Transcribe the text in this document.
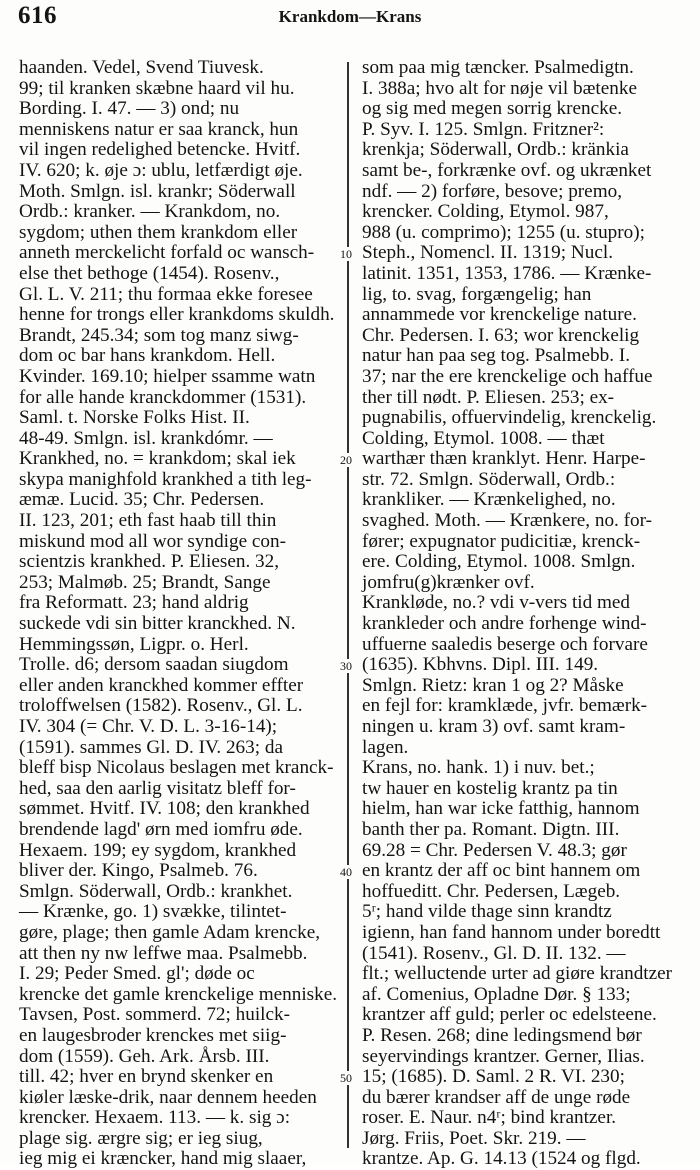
616	Krankdom—Krans
haanden. Vedel, Svend Tiuvesk.
99; til kranken skæbne haard vil hu.
Bording. I. 47. — 3) ond; nu
menniskens natur er saa kranck, hun
vil ingen redelighed betencke. Hvitf.
IV. 620; k. øje ɔ: ublu, letfærdigt øje.
Moth. Smlgn. isl. krankr; Söderwall
Ordb.: kranker. — Krankdom, no.
sygdom; uthen them krankdom eller
anneth merckelicht forfald oc wansch-
else thet bethoge (1454). Rosenv.,
Gl. L. V. 211; thu formaa ekke foresee
henne for trongs eller krankdoms skuldh.
Brandt, 245.34; som tog manz siwg-
dom oc bar hans krankdom. Hell.
Kvinder. 169.10; hielper ssamme watn
for alle hande kranckdommer (1531).
Saml. t. Norske Folks Hist. II.
48-49. Smlgn. isl. krankdómr. —
Krankhed, no. = krankdom; skal iek
skypa manighfold krankhed a tith leg-
æmæ. Lucid. 35; Chr. Pedersen.
II. 123, 201; eth fast haab till thin
miskund mod all wor syndige con-
scientzis krankhed. P. Eliesen. 32,
253; Malmøb. 25; Brandt, Sange
fra Reformatt. 23; hand aldrig
suckede vdi sin bitter kranckhed. N.
Hemmingssøn, Ligpr. o. Herl.
Trolle. d6; dersom saadan siugdom
eller anden kranckhed kommer effter
troloffwelsen (1582). Rosenv., Gl. L.
IV. 304 (= Chr. V. D. L. 3-16-14);
(1591). sammes Gl. D. IV. 263; da
bleff bisp Nicolaus beslagen met kranck-
hed, saa den aarlig visitatz bleff for-
sømmet. Hvitf. IV. 108; den krankhed
brendende lagd' ørn med iomfru øde.
Hexaem. 199; ey sygdom, krankhed
bliver der. Kingo, Psalmeb. 76.
Smlgn. Söderwall, Ordb.: krankhet.
— Krænke, go. 1) svække, tilintet-
gøre, plage; then gamle Adam krencke,
att then ny nw leffwe maa. Psalmebb.
I. 29; Peder Smed. gl'; døde oc
krencke det gamle krenckelige menniske.
Tavsen, Post. sommerd. 72; huilck-
en laugesbroder krenckes met siig-
dom (1559). Geh. Ark. Årsb. III.
till. 42; hver en brynd skenker en
kiøler læske-drik, naar dennem heeden
krencker. Hexaem. 113. — k. sig ɔ:
plage sig. ærgre sig; er ieg siug,
ieg mig ei kræncker, hand mig slaaer,
som paa mig tæncker. Psalmedigtn.
I. 388a; hvo alt for nøje vil bætenke
og sig med megen sorrig krencke.
P. Syv. I. 125. Smlgn. Fritzner²:
krenkja; Söderwall, Ordb.: kränkia
samt be-, forkrænke ovf. og ukrænket
ndf. — 2) forføre, besove; premo,
krencker. Colding, Etymol. 987,
988 (u. comprimo); 1255 (u. stupro);
Steph., Nomencl. II. 1319; Nucl.
latinit. 1351, 1353, 1786. — Krænke-
lig, to. svag, forgængelig; han
annammede vor krenckelige nature.
Chr. Pedersen. I. 63; wor krenckelig
natur han paa seg tog. Psalmebb. I.
37; nar the ere krenckelige och haffue
ther till nødt. P. Eliesen. 253; ex-
pugnabilis, offuervindelig, krenckelig.
Colding, Etymol. 1008. — thæt
warthær thæn kranklyt. Henr. Harpe-
str. 72. Smlgn. Söderwall, Ordb.:
krankliker. — Krænkelighed, no.
svaghed. Moth. — Krænkere, no. for-
fører; expugnator pudicitiæ, krenck-
ere. Colding, Etymol. 1008. Smlgn.
jomfru(g)krænker ovf.
Krankløde, no.? vdi v-vers tid med
krankleder och andre forhenge wind-
uffuerne saaledis beserge och forvare
(1635). Kbhvns. Dipl. III. 149.
Smlgn. Rietz: kran 1 og 2? Måske
en fejl for: kramklæde, jvfr. bemærk-
ningen u. kram 3) ovf. samt kram-
lagen.
Krans, no. hank. 1) i nuv. bet.;
tw hauer en kostelig krantz pa tin
hielm, han war icke fatthig, hannom
banth ther pa. Romant. Digtn. III.
69.28 = Chr. Pedersen V. 48.3; gør
en krantz der aff oc bint hannem om
hoffueditt. Chr. Pedersen, Lægeb.
5ʳ; hand vilde thage sinn krandtz
igienn, han fand hannom under boredtt
(1541). Rosenv., Gl. D. II. 132. —
flt.; welluctende urter ad giøre krandtzer
af. Comenius, Opladne Dør. § 133;
krantzer aff guld; perler oc edelsteene.
P. Resen. 268; dine ledingsmend bør
seyervindings krantzer. Gerner, Ilias.
15; (1685). D. Saml. 2 R. VI. 230;
du bærer krandser aff de unge røde
roser. E. Naur. n4ʳ; bind krantzer.
Jørg. Friis, Poet. Skr. 219. —
krantze. Ap. G. 14.13 (1524 og flgd.
10
20
30
40
50
